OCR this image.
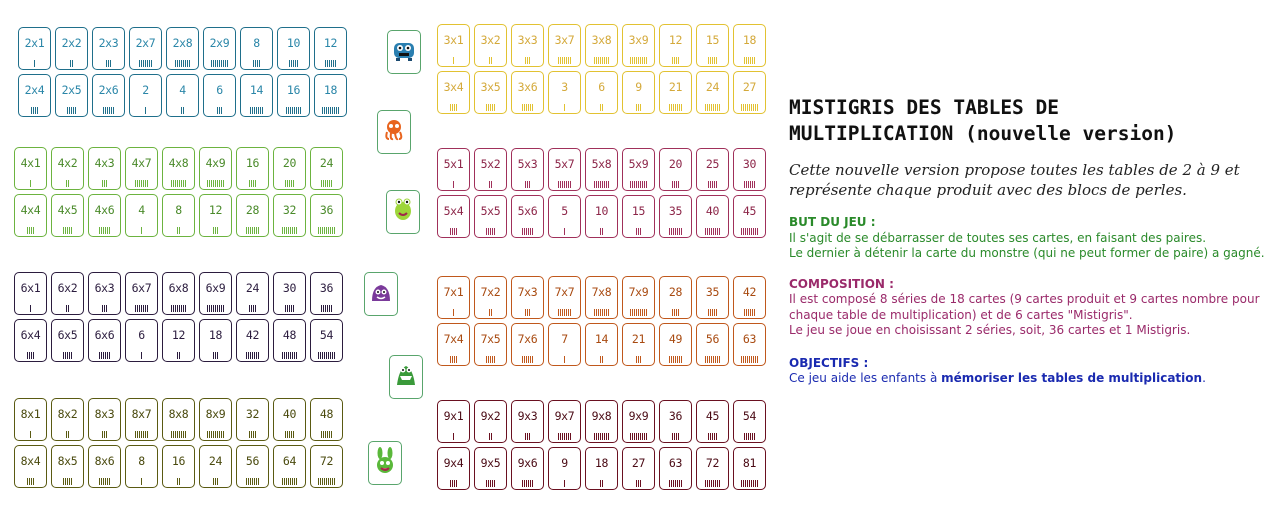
2x1 2x2 2x3 2x7 2x8 2x9 8 10 12
2x4 2x5 2x6 2	4	6 14 16 18
3x1 3x2 3x3 3x7 3x8 3x9 12 15 18
3x4 3x5 3x6 3	6	9 21 24 27
4x1 4x2 4x3 4x7 4x8 4x9 16 20 24
4x4 4x5 4x6 4	8 12 28 32 36
5x1 5x2 5x3 5x7 5x8 5x9 20 25 30
5x4 5x5 5x6 5 10 15 35 40 45
6x1 6x2 6x3 6x7 6x8 6x9 24 30 36
6x4 6x5 6x6 6 12 18 42 48 54
7x1 7x2 7x3 7x7 7x8 7x9 28 35 42
7x4 7x5 7x6 7 14 21 49 56 63
8x1 8x2 8x3 8x7 8x8 8x9 32 40 48
8x4 8x5 8x6 8 16 24 56 64 72
9x1 9x2 9x3 9x7 9x8 9x9 36 45 54
9x4 9x5 9x6 9 18 27 63 72 81

MISTIGRIS DES TABLES DE
MULTIPLICATION (nouvelle version)

Cette nouvelle version propose toutes les tables de 2 à 9 et représente chaque produit avec des blocs de perles.
BUT DU JEU :
Il s'agit de se débarrasser de toutes ses cartes, en faisant des paires.
Le dernier à détenir la carte du monstre (qui ne peut former de paire) a gagné.
COMPOSITION :
Il est composé 8 séries de 18 cartes (9 cartes produit et 9 cartes nombre pour chaque table de multiplication) et de 6 cartes "Mistigris".
Le jeu se joue en choisissant 2 séries, soit, 36 cartes et 1 Mistigris.
OBJECTIFS :
Ce jeu aide les enfants à mémoriser les tables de multiplication.
